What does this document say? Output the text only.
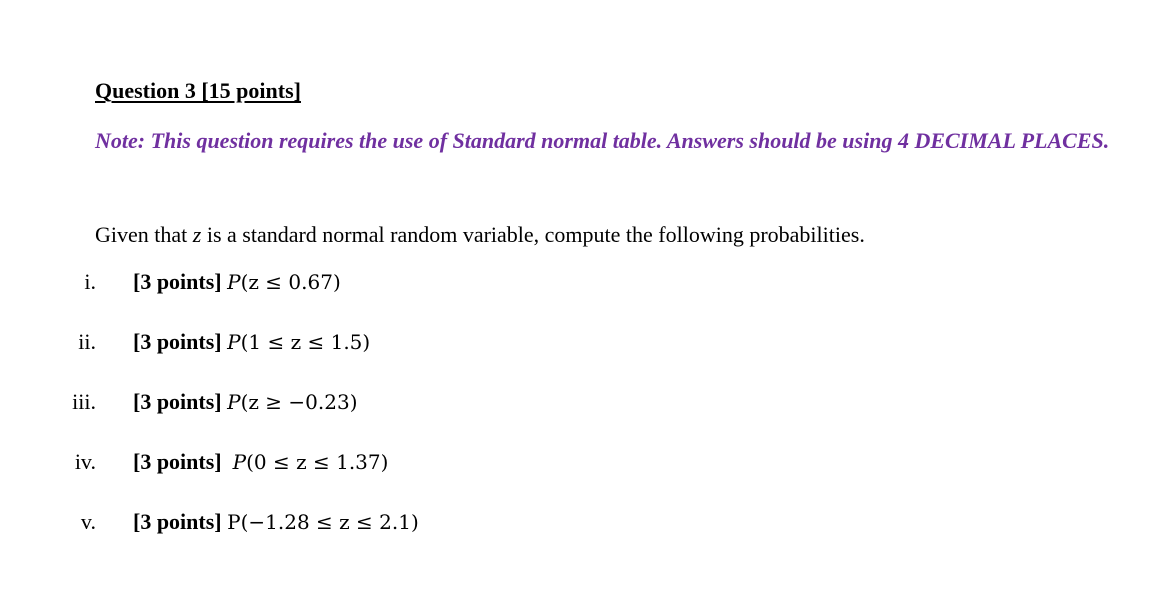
Question 3 [15 points]
Note: This question requires the use of Standard normal table. Answers should be using 4 DECIMAL PLACES.
Given that z is a standard normal random variable, compute the following probabilities.
i. [3 points] P(z ≤ 0.67)
ii. [3 points] P(1 ≤ z ≤ 1.5)
iii. [3 points] P(z ≥ −0.23)
iv. [3 points] P(0 ≤ z ≤ 1.37)
v. [3 points] P(−1.28 ≤ z ≤ 2.1)
